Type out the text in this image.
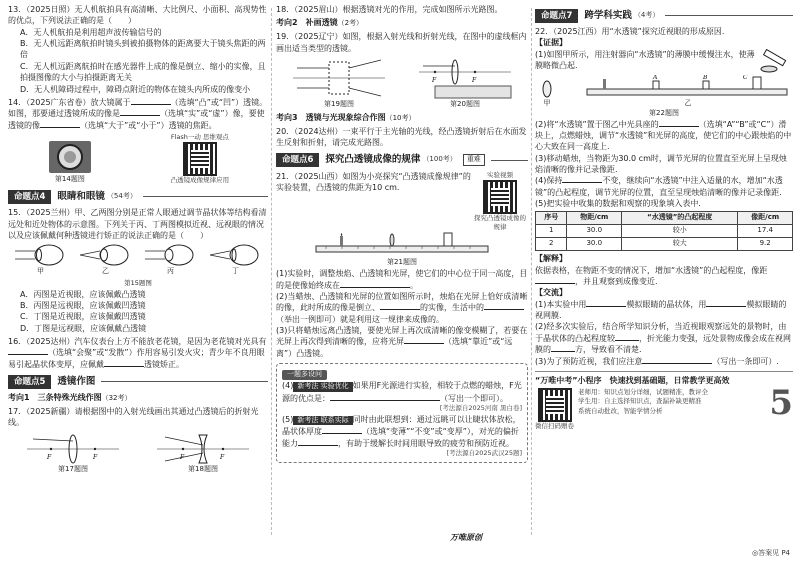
13．（2025日照）无人机航拍具有高清晰、大比例尺、小面积、高现势性的优点，下列说法正确的是（　　）
A．无人机航拍是利用超声波传输信号的
B．无人机远距离航拍时镜头到被拍摄物体的距离要大于镜头焦距的两倍
C．无人机远距离航拍时在感光器件上成的像是倒立、缩小的实像，且拍摄图像的大小与拍摄距离无关
D．无人机障碍过程中，障碍点附近的物体在镜头内所成的像变小
14．（2025广东省卷）放大镜属于	（选填“凸”或“凹”）透镜。如图，那要通过透镜所成的像是	（选填“实”或“虚”）像，要使透镜的像	（选填“大于”或“小于”）透镜的焦距。
第14题图
Flash一动 思维观点
凸透镜成像规律应用
命题点4	眼睛和眼镜 （54考）
15．（2025兰州）甲、乙两图分别是正常人眼通过调节晶状体等结构看清远处和近处物体的示意图。下列关于丙、丁两图模拟近视、远视眼的情况以及应该佩戴何种透镜进行矫正的说法正确的是（　　）
甲	乙	丙	丁
第15题图
A．丙图是近视眼，应该佩戴凸透镜
B．丙图是远视眼，应该佩戴凹透镜
C．丁图是近视眼，应该佩戴凹透镜
D．丁图是远视眼，应该佩戴凸透镜
16．（2025达州）汽车仪表台上方不能放老花镜，是因为老花镜对光具有（选填“会聚”或“发散”）作用容易引发火灾；青少年不良用眼易引起晶状体变厚，应佩戴	透镜矫正。
命题点5	透镜作图
考向1　三条特殊光线作图（32考）
17．（2025新疆）请根据图中的入射光线画出其通过凸透镜后的折射光线。
F	F
第17题图
F	F
第18题图
18．（2025眉山）根据透镜对光的作用，完成如图所示光路图。
考向2　补画透镜（2考）
19．（2025辽宁）如图，根据入射光线和折射光线，在图中的虚线框内画出适当类型的透镜。
第19题图
F	F
第20题图
考向3　透镜与光现象综合作图（10考）
20．（2024达州）一束平行于主光轴的光线，经凸透镜折射后在水面发生反射和折射，请完成光路图。
命题点6	探究凸透镜成像的规律 （100考）	重难
21．（2025山西）如图为小亮探究“凸透镜成像规律”的实验装置，凸透镜的焦距为10 cm.
实验视频
探究凸透镜成像的规律
第21题图
(1)实验时，调整烛焰、凸透镜和光屏，使它们的中心位于同一高度，目的是使像始终成在	。
(2)当蜡烛、凸透镜和光屏的位置如图所示时，烛焰在光屏上恰好成清晰的像，此时所成的像是倒立、	的实像，生活中的（举出一例即可）就是利用这一规律来成像的。
(3)只将蜡烛远离凸透镜，要使光屏上再次成清晰的像变模糊了，若要在光屏上再次得到清晰的像，应将光屏	（选填“靠近”或“远离”）凸透镜。
一题多设问
(4) 新考法 实验优化 如果用F光源进行实验，相较于点燃的蜡烛，F光源的优点是：	（写出一个即可）。
[考法源自2025河南 黑白卷]
(5) 新考法 联系实际 同时由此联想到：通过远眺可以让睫状体放松，晶状体厚度	（选填“变薄”“不变”或“变厚”），对光的偏折能力	，有助于缓解长时间用眼导致的疲劳和预防近视。
[考法源自2025武汉25题]
万唯原创
命题点7	跨学科实践 （4考）
22．（2025江西）用“水透镜”探究近视眼的形成原因.
【证据】
(1)如图甲所示，用注射器向“水透镜”的薄膜中缓慢注水，使薄膜略微凸起.
甲
A	B	C
乙
第22题图
(2)将“水透镜”置于图乙中光具座的	（选填“A”“B”或“C”）滑块上，点燃蜡烛，调节“水透镜”和光屏的高度，使它们的中心跟烛焰的中心大致在同一高度上.
(3)移动蜡烛，当物距为30.0 cm时，调节光屏的位置直至光屏上呈现烛焰清晰的像并记录像距.
(4)保持	不变，继续向“水透镜”中注入适量的水，增加“水透镜”的凸起程度，调节光屏的位置，直至呈现烛焰清晰的像并记录像距.
(5)把实验中收集的数据和观察的现象填入表中.
序号	物距/cm	“水透镜”的凸起程度	像距/cm
1	30.0	较小	17.4
2	30.0	较大	9.2
【解释】
依据表格，在物距不变的情况下，增加“水透镜”的凸起程度，像距，并且观察到成像变近.
【交流】
(1)本实验中用	模拟眼睛的晶状体，用	模拟眼睛的视网膜.
(2)经多次实验后，结合所学知识分析，当近视眼观察远处的景物时，由于晶状体的凸起程度较	，折光能力变强，远处景物成像会成在视网膜的	方，导致看不清楚.
(3)为了预防近视，我们应注意	（写出一条即可）.
“万唯中考”小程序　 快速找到基础题，日常教学更高效
微信扫码赠卷
老师用：知识点划分详细，试题精准，教评全
学生用：自主选择知识点，查漏补缺更精准
系统自动批改，智能学情分析	5
◎答案见 P4
